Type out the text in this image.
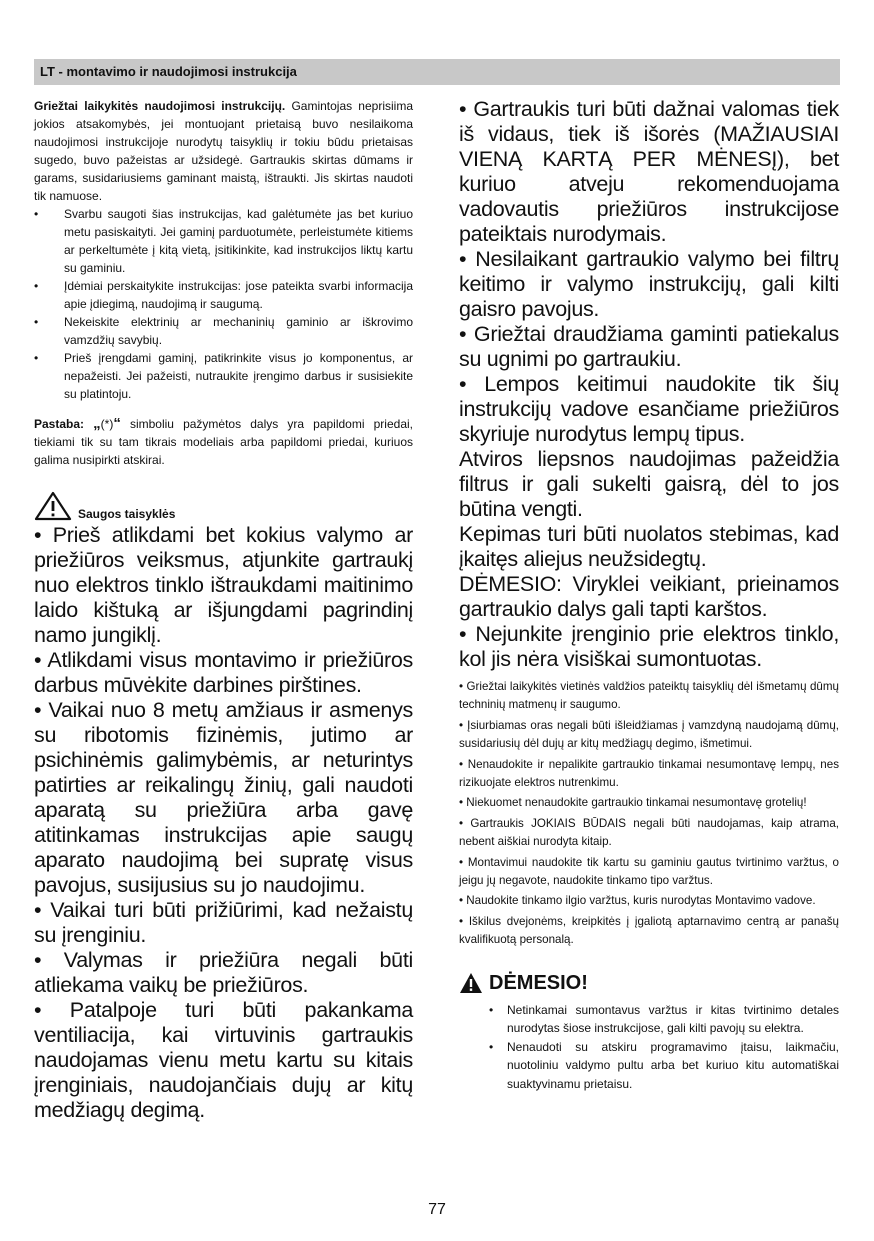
LT - montavimo ir naudojimosi instrukcija

Griežtai laikykitės naudojimosi instrukcijų. Gamintojas neprisiima jokios atsakomybės, jei montuojant prietaisą buvo nesilaikoma naudojimosi instrukcijoje nurodytų taisyklių ir tokiu būdu prietaisas sugedo, buvo pažeistas ar užsidegė. Gartraukis skirtas dūmams ir garams, susidariusiems gaminant maistą, ištraukti. Jis skirtas naudoti tik namuose.

•	Svarbu saugoti šias instrukcijas, kad galėtumėte jas bet kuriuo metu pasiskaityti. Jei gaminį parduotumėte, perleistumėte kitiems ar perkeltumėte į kitą vietą, įsitikinkite, kad instrukcijos liktų kartu su gaminiu.
•	Įdėmiai perskaitykite instrukcijas: jose pateikta svarbi informacija apie įdiegimą, naudojimą ir saugumą.
•	Nekeiskite elektrinių ar mechaninių gaminio ar iškrovimo vamzdžių savybių.
•	Prieš įrengdami gaminį, patikrinkite visus jo komponentus, ar nepažeisti. Jei pažeisti, nutraukite įrengimo darbus ir susisiekite su platintoju.

Pastaba: „(*)“ simboliu pažymėtos dalys yra papildomi priedai, tiekiami tik su tam tikrais modeliais arba papildomi priedai, kuriuos galima nusipirkti atskirai.

Saugos taisyklės

• Prieš atlikdami bet kokius valymo ar priežiūros veiksmus, atjunkite gartraukį nuo elektros tinklo ištraukdami maitinimo laido kištuką ar išjungdami pagrindinį namo jungiklį.

• Atlikdami visus montavimo ir priežiūros darbus mūvėkite darbines pirštines.

• Vaikai nuo 8 metų amžiaus ir asmenys su ribotomis fizinėmis, jutimo ar psichinėmis galimybėmis, ar neturintys patirties ar reikalingų žinių, gali naudoti aparatą su priežiūra arba gavę atitinkamas instrukcijas apie saugų aparato naudojimą bei supratę visus pavojus, susijusius su jo naudojimu.

• Vaikai turi būti prižiūrimi, kad nežaistų su įrenginiu.

• Valymas ir priežiūra negali būti atliekama vaikų be priežiūros.

• Patalpoje turi būti pakankama ventiliacija, kai virtuvinis gartraukis naudojamas vienu metu kartu su kitais įrenginiais, naudojančiais dujų ar kitų medžiagų degimą.

• Gartraukis turi būti dažnai valomas tiek iš vidaus, tiek iš išorės (MAŽIAUSIAI VIENĄ KARTĄ PER MĖNESĮ), bet kuriuo atveju rekomenduojama vadovautis priežiūros instrukcijose pateiktais nurodymais.

• Nesilaikant gartraukio valymo bei filtrų keitimo ir valymo instrukcijų, gali kilti gaisro pavojus.

• Griežtai draudžiama gaminti patiekalus su ugnimi po gartraukiu.

• Lempos keitimui naudokite tik šių instrukcijų vadove esančiame priežiūros skyriuje nurodytus lempų tipus.

Atviros liepsnos naudojimas pažeidžia filtrus ir gali sukelti gaisrą, dėl to jos būtina vengti.

Kepimas turi būti nuolatos stebimas, kad įkaitęs aliejus neužsidegtų.

DĖMESIO: Viryklei veikiant, prieinamos gartraukio dalys gali tapti karštos.

• Nejunkite įrenginio prie elektros tinklo, kol jis nėra visiškai sumontuotas.

• Griežtai laikykitės vietinės valdžios pateiktų taisyklių dėl išmetamų dūmų techninių matmenų ir saugumo.

• Įsiurbiamas oras negali būti išleidžiamas į vamzdyną naudojamą dūmų, susidariusių dėl dujų ar kitų medžiagų degimo, išmetimui.

• Nenaudokite ir nepalikite gartraukio tinkamai nesumontavę lempų, nes rizikuojate elektros nutrenkimu.

• Niekuomet nenaudokite gartraukio tinkamai nesumontavę grotelių!

• Gartraukis JOKIAIS BŪDAIS negali būti naudojamas, kaip atrama, nebent aiškiai nurodyta kitaip.

• Montavimui naudokite tik kartu su gaminiu gautus tvirtinimo varžtus, o jeigu jų negavote, naudokite tinkamo tipo varžtus.

• Naudokite tinkamo ilgio varžtus, kuris nurodytas Montavimo vadove.

• Iškilus dvejonėms, kreipkitės į įgaliotą aptarnavimo centrą ar panašų kvalifikuotą personalą.

DĖMESIO!
•	Netinkamai sumontavus varžtus ir kitas tvirtinimo detales nurodytas šiose instrukcijose, gali kilti pavojų su elektra.
•	Nenaudoti su atskiru programavimo įtaisu, laikmačiu, nuotoliniu valdymo pultu arba bet kuriuo kitu automatiškai suaktyvinamu prietaisu.
77
